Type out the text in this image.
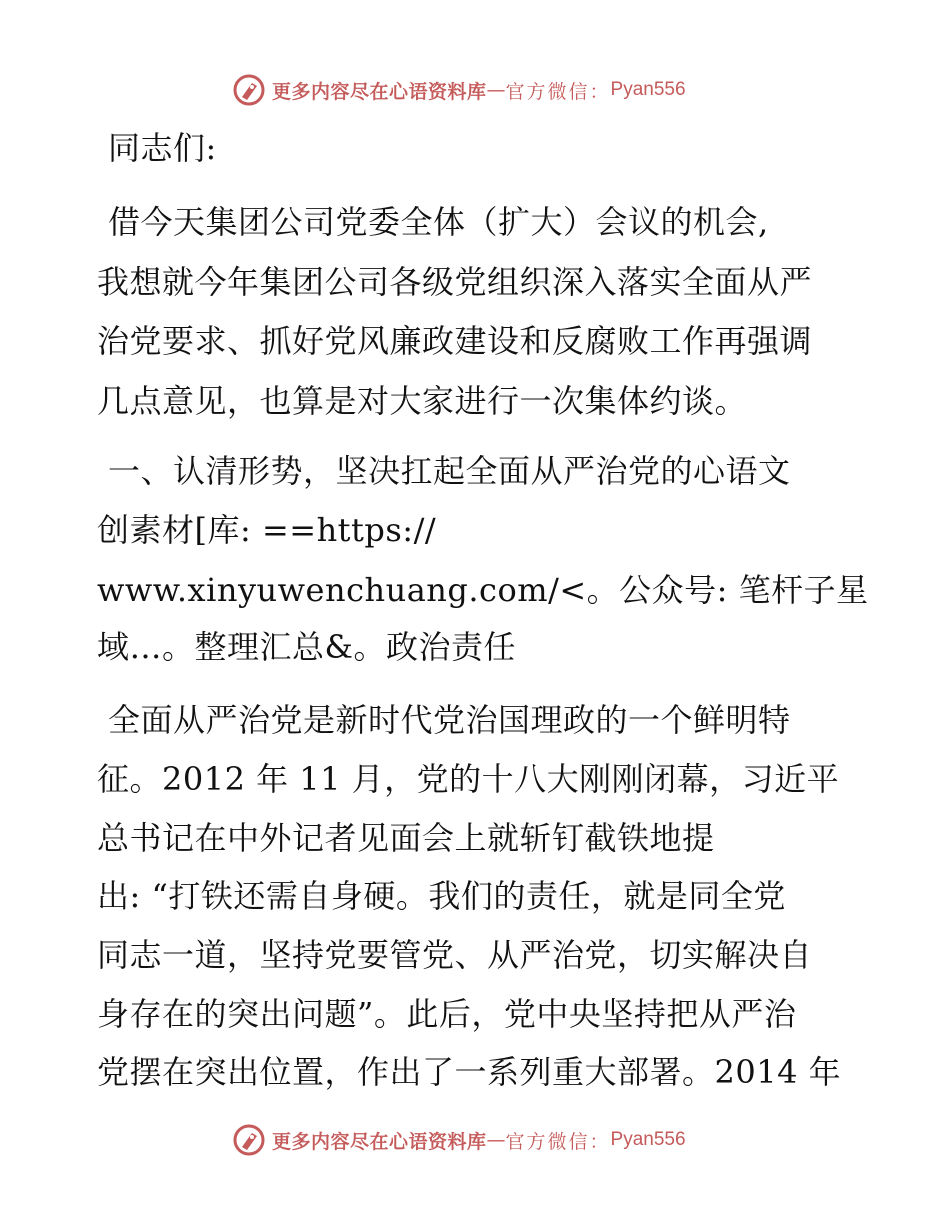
更多内容尽在心语资料库 — 官方微信： Pyan556
同志们:
借今天集团公司党委全体（扩大）会议的机会,
我想就今年集团公司各级党组织深入落实全面从严
治党要求、抓好党风廉政建设和反腐败工作再强调
几点意见，也算是对大家进行一次集体约谈。
一、认清形势，坚决扛起全面从严治党的心语文
创素材[库: ==https://
www.xinyuwenchuang.com/<。公众号: 笔杆子星
域…。整理汇总&。政治责任
全面从严治党是新时代党治国理政的一个鲜明特
征。2012 年 11 月，党的十八大刚刚闭幕，习近平
总书记在中外记者见面会上就斩钉截铁地提
出: “打铁还需自身硬。我们的责任，就是同全党
同志一道，坚持党要管党、从严治党，切实解决自
身存在的突出问题”。此后，党中央坚持把从严治
党摆在突出位置，作出了一系列重大部署。2014 年
更多内容尽在心语资料库 — 官方微信： Pyan556
